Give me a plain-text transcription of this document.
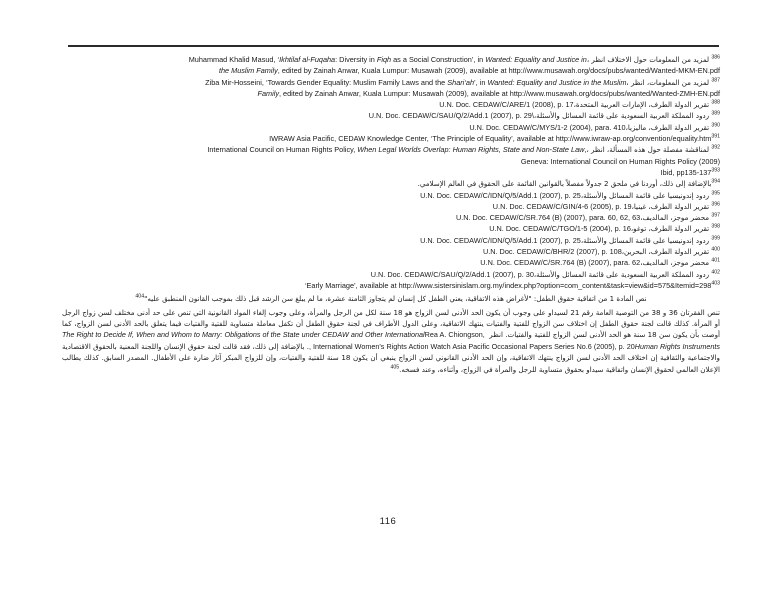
Muhammad Khalid Masud, ‘Ikhtilaf al-Fuqaha: Diversity in Fiqh as a Social Construction’, in Wanted: Equality and Justice in لمزيد من المعلومات حول الاختلاف انظر ،$^{386}$
the Muslim Family, edited by Zainah Anwar, Kuala Lumpur: Musawah (2009), available at http://www.musawah.org/docs/pubs/wanted/Wanted-MKM-EN.pdf
Ziba Mir-Hosseini, ‘Towards Gender Equality: Muslim Family Laws and the Shari‘ah’, in Wanted: Equality and Justice in the Muslim لمزيد من المعلومات، انظر ،$^{387}$
Family, edited by Zainah Anwar, Kuala Lumpur: Musawah (2009), available at http://www.musawah.org/docs/pubs/wanted/Wanted-ZMH-EN.pdf
U.N. Doc. CEDAW/C/ARE/1 (2008), p. 17 تقرير الدولة الطرف، الإمارات العربية المتحدة،$^{388}$
U.N. Doc. CEDAW/C/SAU/Q/2/Add.1 (2007), p. 29\ ردود المملكة العربية السعودية على قائمة المسائل والأسئلة،$^{389}$
U.N. Doc. CEDAW/C/MYS/1-2 (2004), para. 410 تقرير الدولة الطرف، ماليزيا،$^{390}$
IWRAW Asia Pacific, CEDAW Knowledge Center, ‘The Principle of Equality’, available at http://www.iwraw-ap.org/convention/equality.htm$^{391}$
International Council on Human Rights Policy, When Legal Worlds Overlap: Human Rights, State and Non-State Law, لمناقشة مفصلة حول هذه المسألة، انظر ،$^{392}$
Geneva: International Council on Human Rights Policy (2009)
Ibid, pp135-137$^{393}$
بالإضافة إلى ذلك، أوردنا في ملحق 2 جدولاً مفصلاً بالقوانين القائمة على الحقوق في العالم الإسلامي.$^{394}$
U.N. Doc. CEDAW/C/IDN/Q/5/Add.1 (2007), p. 25 ردود إندونيسيا على قائمة المسائل والأسئلة،$^{395}$
U.N. Doc. CEDAW/C/GIN/4-6 (2005), p. 19 تقرير الدولة الطرف، غينيا،$^{396}$
U.N. Doc. CEDAW/C/SR.764 (B) (2007), para. 60, 62, 63 محضر موجز، المالديف،$^{397}$
U.N. Doc. CEDAW/C/TGO/1-5 (2004), p. 16 تقرير الدولة الطرف، توغو،$^{398}$
U.N. Doc. CEDAW/C/IDN/Q/5/Add.1 (2007), p. 25 ردود إندونيسيا على قائمة المسائل والأسئلة،$^{399}$
U.N. Doc. CEDAW/C/BHR/2 (2007), p. 108 تقرير الدولة الطرف، البحرين،$^{400}$
U.N. Doc. CEDAW/C/SR.764 (B) (2007), para. 62 محضر موجز، المالديف،$^{401}$
U.N. Doc. CEDAW/C/SAU/Q/2/Add.1 (2007), p. 30 ردود المملكة العربية السعودية على قائمة المسائل والأسئلة،$^{402}$
‘Early Marriage’, available at http://www.sistersinislam.org.my/index.php?option=com_content&task=view&id=575&Itemid=298$^{403}$
نص المادة 1 من اتفاقية حقوق الطفل: "لأغراض هذه الاتفاقية، يعني الطفل كل إنسان لم يتجاوز الثامنة عشرة، ما لم يبلغ سن الرشد قبل ذلك بموجب القانون المنطبق عليه"$^{404}$
تنص الفقرتان 36 و 38 من التوصية العامة رقم 21 لسيداو على وجوب أن يكون الحد الأدنى لسن الزواج هو 18 سنة لكل من الرجل والمرأة، وعلى وجوب إلغاء المواد القانونية التي تنص على حد أدنى مختلف لسن زواج الرجل أو المرأة. كذلك قالت لجنة حقوق الطفل إن اختلاف سن الزواج للفتية والفتيات ينتهك الاتفاقية، وعلى الدول الأطراف في لجنة حقوق الطفل أن تكفل معاملة متساوية للفتية والفتيات فيما يتعلق بالحد الأدنى لسن الزواج، كما أوصت بأن يكون سن 18 سنة هو الحد الأدنى لسن الزواج للفتية والفتيات. انظر Rea A. Chiongson, The Right to Decide If, When and Whom to Marry: Obligations of the State under CEDAW and Other International Human Rights Instruments, International Women’s Rights Action Watch Asia Pacific Occasional Papers Series No.6 (2005), p. 20. بالإضافة إلى ذلك، فقد قالت لجنة حقوق الإنسان واللجنة المعنية بالحقوق الاقتصادية والاجتماعية والثقافية إن اختلاف الحد الأدنى لسن الزواج ينتهك الاتفاقية، وإن الحد الأدنى القانوني لسن الزواج ينبغي أن يكون 18 سنة للفتية والفتيات، وإن للزواج المبكر آثار ضارة على الأطفال. المصدر السابق. كذلك يطالب الإعلان العالمي لحقوق الإنسان واتفاقية سيداو بحقوق متساوية للرجل والمرأة في الزواج، وأثناءه، وعند فسخه.$^{405}$
116
